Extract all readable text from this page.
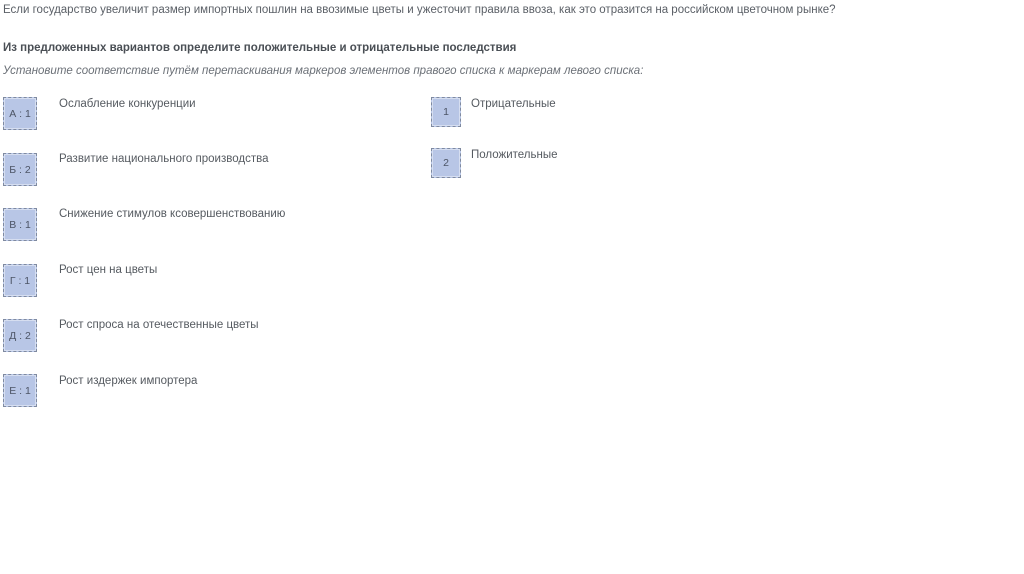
Если государство увеличит размер импортных пошлин на ввозимые цветы и ужесточит правила ввоза, как это отразится на российском цветочном рынке?
Из предложенных вариантов определите положительные и отрицательные последствия
Установите соответствие путём перетаскивания маркеров элементов правого списка к маркерам левого списка:
А : 1
Ослабление конкуренции
Б : 2
Развитие национального производства
В : 1
Снижение стимулов ксовершенствованию
Г : 1
Рост цен на цветы
Д : 2
Рост спроса на отечественные цветы
Е : 1
Рост издержек импортера
1
Отрицательные
2
Положительные
